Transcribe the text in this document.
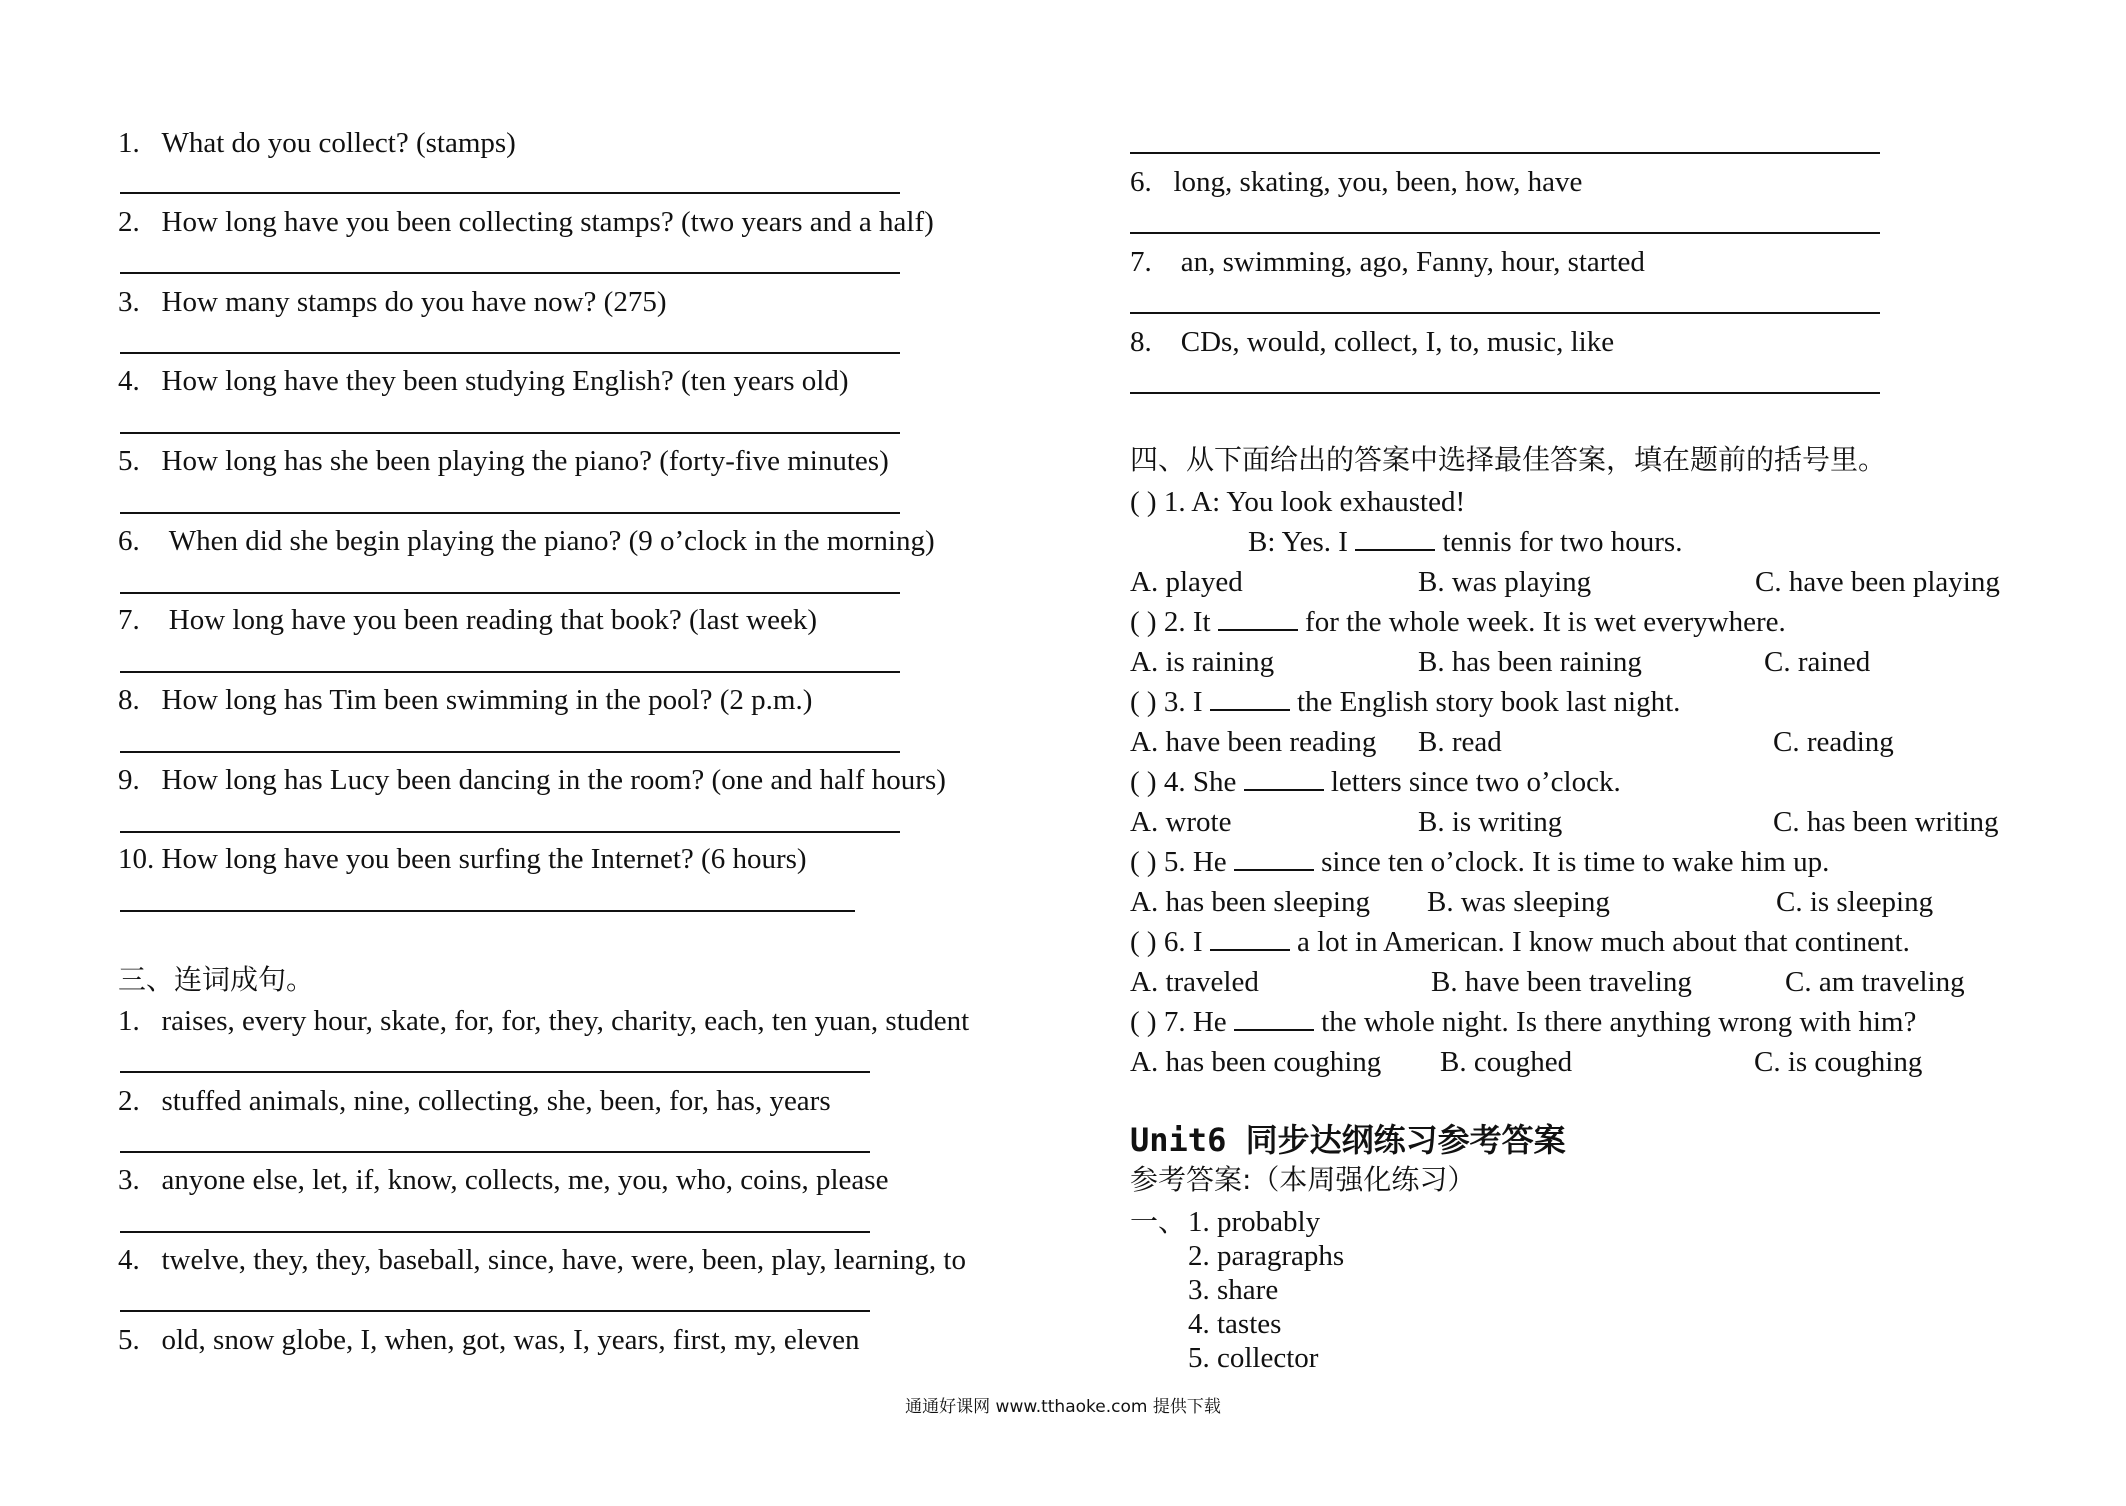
1. What do you collect? (stamps)
2. How long have you been collecting stamps? (two years and a half)
3. How many stamps do you have now? (275)
4. How long have they been studying English? (ten years old)
5. How long has she been playing the piano? (forty-five minutes)
6. When did she begin playing the piano? (9 o’clock in the morning)
7. How long have you been reading that book? (last week)
8. How long has Tim been swimming in the pool? (2 p.m.)
9. How long has Lucy been dancing in the room? (one and half hours)
10. How long have you been surfing the Internet? (6 hours)
三、连词成句。
1. raises, every hour, skate, for, for, they, charity, each, ten yuan, student
2. stuffed animals, nine, collecting, she, been, for, has, years
3. anyone else, let, if, know, collects, me, you, who, coins, please
4. twelve, they, they, baseball, since, have, were, been, play, learning, to
5. old, snow globe, I, when, got, was, I, years, first, my, eleven
6. long, skating, you, been, how, have
7. an, swimming, ago, Fanny, hour, started
8. CDs, would, collect, I, to, music, like
四、从下面给出的答案中选择最佳答案，填在题前的括号里。
( ) 1. A: You look exhausted!
B: Yes. I	tennis for two hours.
A. played	B. was playing	C. have been playing
( ) 2. It	for the whole week. It is wet everywhere.
A. is raining	B. has been raining	C. rained
( ) 3. I	the English story book last night.
A. have been reading B. read	C. reading
( ) 4. She	letters since two o’clock.
A. wrote	B. is writing	C. has been writing
( ) 5. He	since ten o’clock. It is time to wake him up.
A. has been sleeping B. was sleeping	C. is sleeping
( ) 6. I	a lot in American. I know much about that continent.
A. traveled	B. have been traveling	C. am traveling
( ) 7. He	the whole night. Is there anything wrong with him?
A. has been coughing B. coughed	C. is coughing
Unit6 同步达纲练习参考答案
参考答案:（本周强化练习）
一、 1. probably
2. paragraphs
3. share
4. tastes
5. collector
通通好课网 www.tthaoke.com 提供下载
